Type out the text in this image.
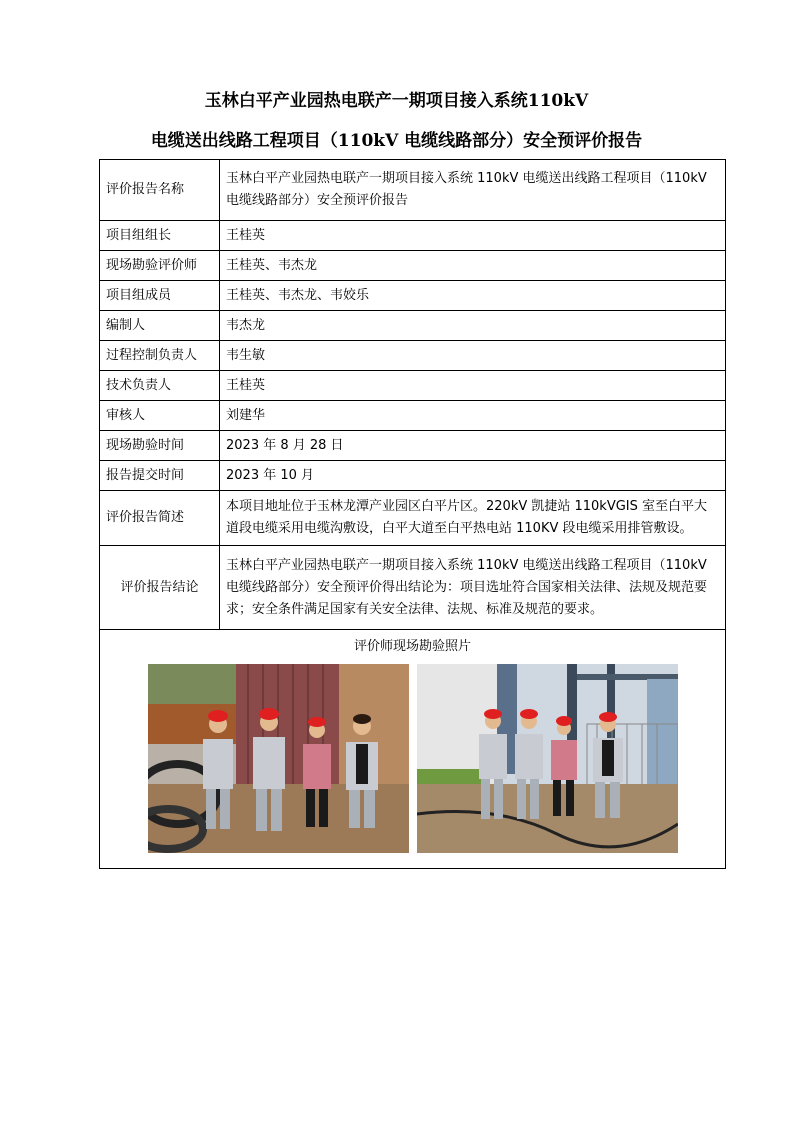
玉林白平产业园热电联产一期项目接入系统110kV
电缆送出线路工程项目（110kV 电缆线路部分）安全预评价报告
评价报告名称	玉林白平产业园热电联产一期项目接入系统 110kV 电缆送出线路工程项目（110kV 电缆线路部分）安全预评价报告
项目组组长	王桂英
现场勘验评价师	王桂英、韦杰龙
项目组成员	王桂英、韦杰龙、韦姣乐
编制人	韦杰龙
过程控制负责人	韦生敏
技术负责人	王桂英
审核人	刘建华
现场勘验时间	2023 年 8 月 28 日
报告提交时间	2023 年 10 月
评价报告简述	本项目地址位于玉林龙潭产业园区白平片区。220kV 凯捷站 110kVGIS 室至白平大道段电缆采用电缆沟敷设，白平大道至白平热电站 110KV 段电缆采用排管敷设。
评价报告结论	玉林白平产业园热电联产一期项目接入系统 110kV 电缆送出线路工程项目（110kV 电缆线路部分）安全预评价得出结论为：项目选址符合国家相关法律、法规及规范要求；安全条件满足国家有关安全法律、法规、标准及规范的要求。

评价师现场勘验照片	
